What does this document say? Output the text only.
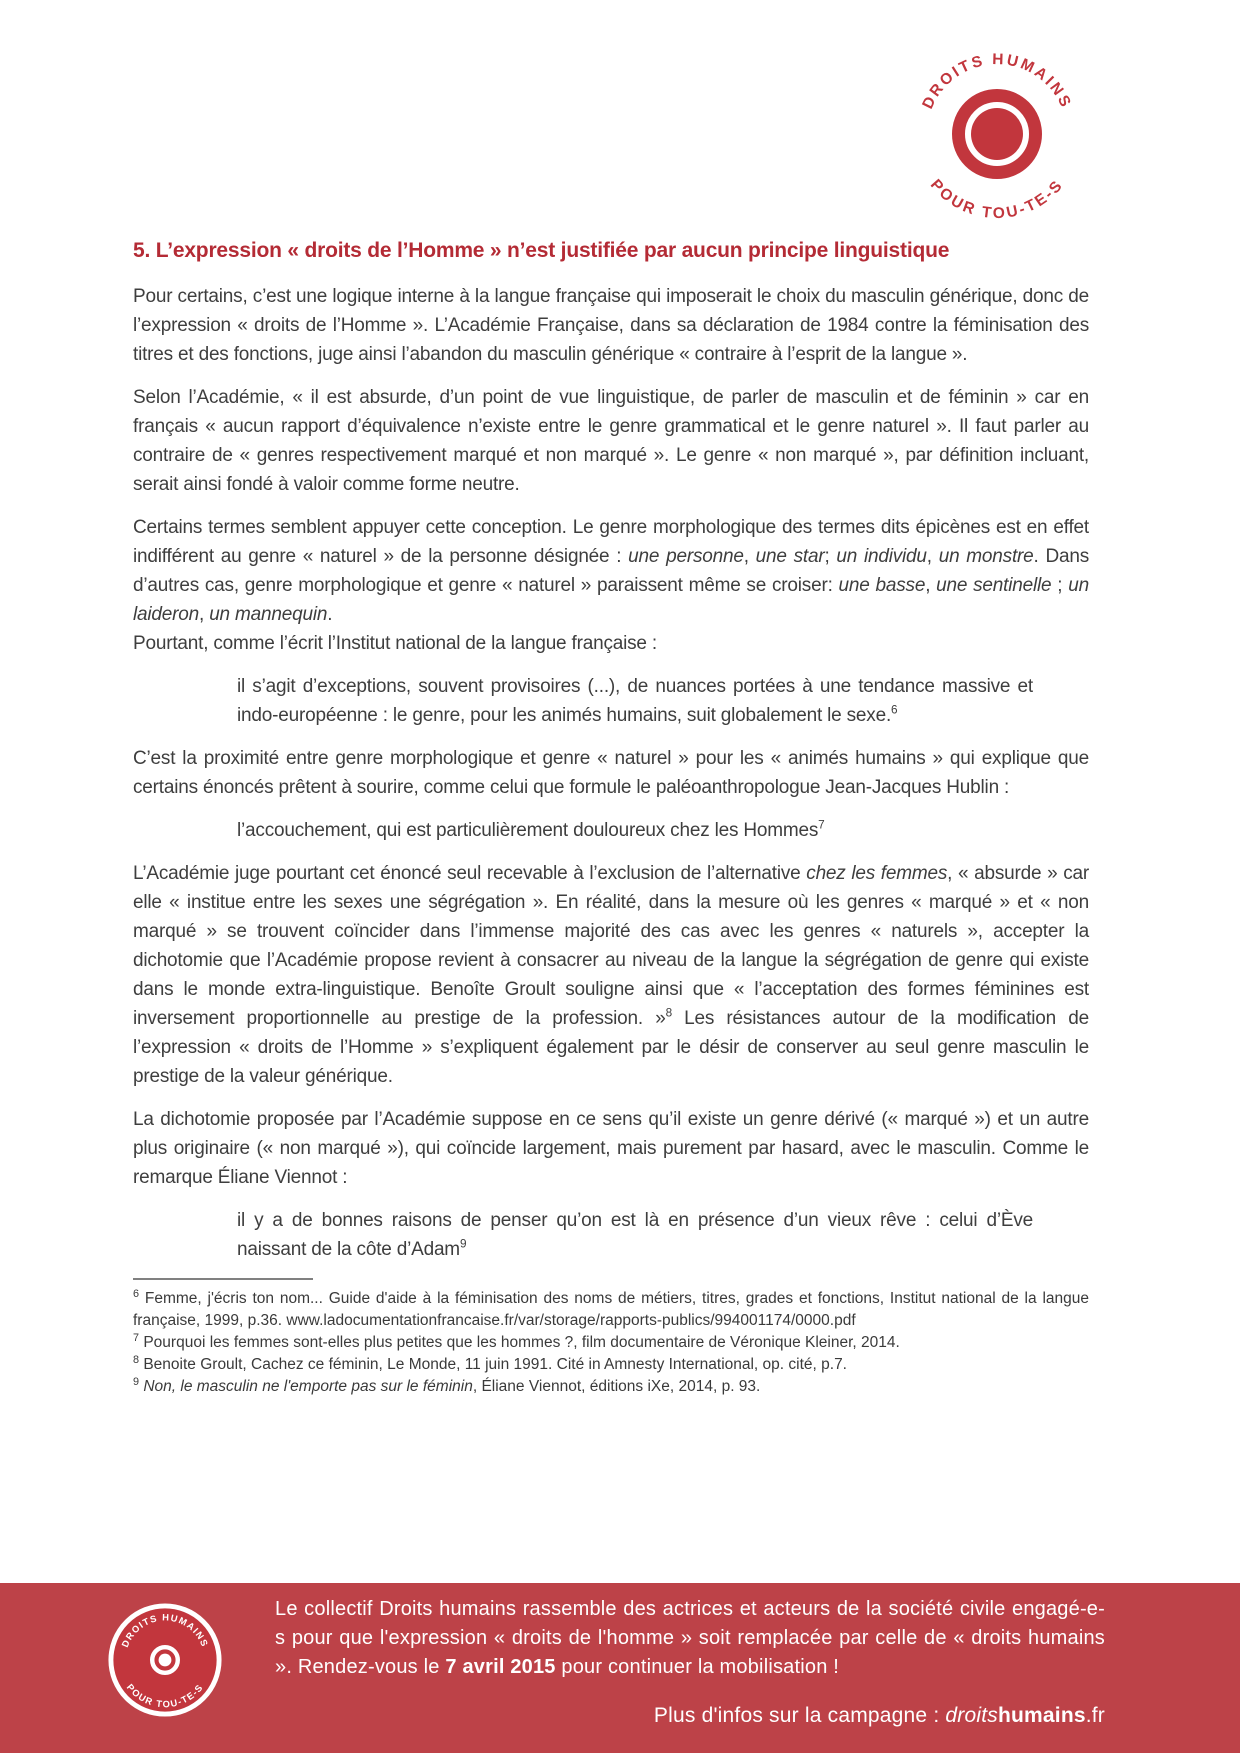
DROITS HUMAINS
POUR TOU-TE-S
5. L’expression « droits de l’Homme » n’est justifiée par aucun principe linguistique

Pour certains, c’est une logique interne à la langue française qui imposerait le choix du masculin générique, donc de l’expression « droits de l’Homme ». L’Académie Française, dans sa déclaration de 1984 contre la féminisation des titres et des fonctions, juge ainsi l’abandon du masculin générique « contraire à l’esprit de la langue ».

Selon l’Académie, « il est absurde, d’un point de vue linguistique, de parler de masculin et de féminin » car en français « aucun rapport d’équivalence n’existe entre le genre grammatical et le genre naturel ». Il faut parler au contraire de « genres respectivement marqué et non marqué ». Le genre « non marqué », par définition incluant, serait ainsi fondé à valoir comme forme neutre.

Certains termes semblent appuyer cette conception. Le genre morphologique des termes dits épicènes est en effet indifférent au genre « naturel » de la personne désignée : une personne, une star; un individu, un monstre. Dans d’autres cas, genre morphologique et genre « naturel » paraissent même se croiser: une basse, une sentinelle ; un laideron, un mannequin.

Pourtant, comme l’écrit l’Institut national de la langue française :

il s’agit d’exceptions, souvent provisoires (...), de nuances portées à une tendance massive et indo-européenne : le genre, pour les animés humains, suit globalement le sexe.$^6$

C’est la proximité entre genre morphologique et genre « naturel » pour les « animés humains » qui explique que certains énoncés prêtent à sourire, comme celui que formule le paléoanthropologue Jean-Jacques Hublin :

l’accouchement, qui est particulièrement douloureux chez les Hommes$^7$

L’Académie juge pourtant cet énoncé seul recevable à l’exclusion de l’alternative chez les femmes, « absurde » car elle « institue entre les sexes une ségrégation ». En réalité, dans la mesure où les genres « marqué » et « non marqué » se trouvent coïncider dans l’immense majorité des cas avec les genres « naturels », accepter la dichotomie que l’Académie propose revient à consacrer au niveau de la langue la ségrégation de genre qui existe dans le monde extra-linguistique. Benoîte Groult souligne ainsi que « l’acceptation des formes féminines est inversement proportionnelle au prestige de la profession. »$^8$ Les résistances autour de la modification de l’expression « droits de l’Homme » s’expliquent également par le désir de conserver au seul genre masculin le prestige de la valeur générique.

La dichotomie proposée par l’Académie suppose en ce sens qu’il existe un genre dérivé (« marqué ») et un autre plus originaire (« non marqué »), qui coïncide largement, mais purement par hasard, avec le masculin. Comme le remarque Éliane Viennot :

il y a de bonnes raisons de penser qu’on est là en présence d’un vieux rêve : celui d’Ève naissant de la côte d’Adam$^9$

$^6$ Femme, j'écris ton nom... Guide d'aide à la féminisation des noms de métiers, titres, grades et fonctions, Institut national de la langue française, 1999, p.36. www.ladocumentationfrancaise.fr/var/storage/rapports-publics/994001174/0000.pdf

$^7$ Pourquoi les femmes sont-elles plus petites que les hommes ?, film documentaire de Véronique Kleiner, 2014.

$^8$ Benoite Groult, Cachez ce féminin, Le Monde, 11 juin 1991. Cité in Amnesty International, op. cité, p.7.

$^9$ Non, le masculin ne l'emporte pas sur le féminin, Éliane Viennot, éditions iXe, 2014, p. 93.

DROITS HUMAINS
POUR TOU-TE-S

Le collectif Droits humains rassemble des actrices et acteurs de la société civile engagé-e-s pour que l'expression « droits de l'homme » soit remplacée par celle de « droits humains ». Rendez-vous le 7 avril 2015 pour continuer la mobilisation !

Plus d'infos sur la campagne : droitshumains.fr
